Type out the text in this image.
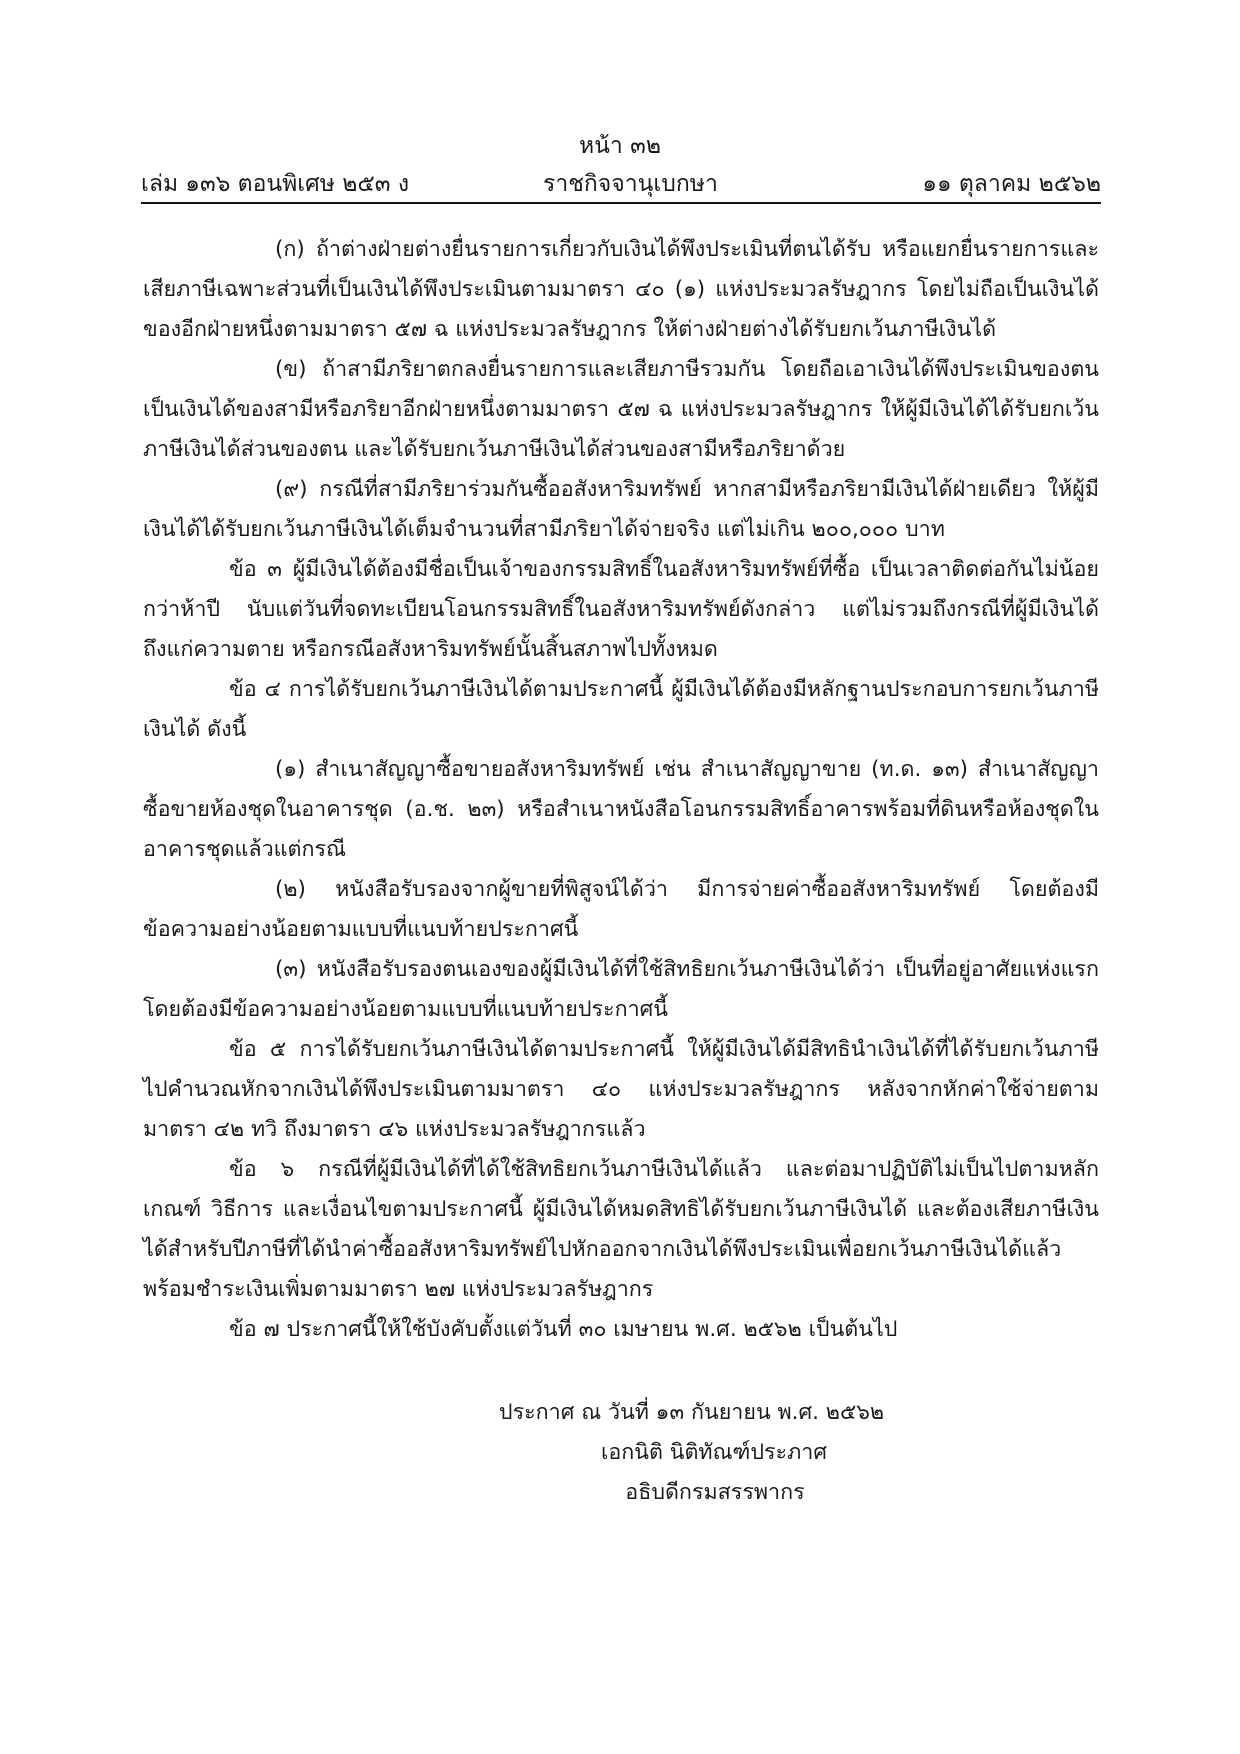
หน้า ๓๒
เล่ม ๑๓๖ ตอนพิเศษ ๒๕๓ ง	ราชกิจจานุเบกษา	๑๑ ตุลาคม ๒๕๖๒

(ก) ถ้าต่างฝ่ายต่างยื่นรายการเกี่ยวกับเงินได้พึงประเมินที่ตนได้รับ หรือแยกยื่นรายการและเสียภาษีเฉพาะส่วนที่เป็นเงินได้พึงประเมินตามมาตรา ๔๐ (๑) แห่งประมวลรัษฎากร โดยไม่ถือเป็นเงินได้ของอีกฝ่ายหนึ่งตามมาตรา ๕๗ ฉ แห่งประมวลรัษฎากร ให้ต่างฝ่ายต่างได้รับยกเว้นภาษีเงินได้

(ข) ถ้าสามีภริยาตกลงยื่นรายการและเสียภาษีรวมกัน โดยถือเอาเงินได้พึงประเมินของตนเป็นเงินได้ของสามีหรือภริยาอีกฝ่ายหนึ่งตามมาตรา ๕๗ ฉ แห่งประมวลรัษฎากร ให้ผู้มีเงินได้ได้รับยกเว้นภาษีเงินได้ส่วนของตน และได้รับยกเว้นภาษีเงินได้ส่วนของสามีหรือภริยาด้วย

(๙) กรณีที่สามีภริยาร่วมกันซื้ออสังหาริมทรัพย์ หากสามีหรือภริยามีเงินได้ฝ่ายเดียว ให้ผู้มีเงินได้ได้รับยกเว้นภาษีเงินได้เต็มจำนวนที่สามีภริยาได้จ่ายจริง แต่ไม่เกิน ๒๐๐,๐๐๐ บาท

ข้อ ๓ ผู้มีเงินได้ต้องมีชื่อเป็นเจ้าของกรรมสิทธิ์ในอสังหาริมทรัพย์ที่ซื้อ เป็นเวลาติดต่อกันไม่น้อยกว่าห้าปี นับแต่วันที่จดทะเบียนโอนกรรมสิทธิ์ในอสังหาริมทรัพย์ดังกล่าว แต่ไม่รวมถึงกรณีที่ผู้มีเงินได้ถึงแก่ความตาย หรือกรณีอสังหาริมทรัพย์นั้นสิ้นสภาพไปทั้งหมด

ข้อ ๔ การได้รับยกเว้นภาษีเงินได้ตามประกาศนี้ ผู้มีเงินได้ต้องมีหลักฐานประกอบการยกเว้นภาษีเงินได้ ดังนี้

(๑) สำเนาสัญญาซื้อขายอสังหาริมทรัพย์ เช่น สำเนาสัญญาขาย (ท.ด. ๑๓) สำเนาสัญญาซื้อขายห้องชุดในอาคารชุด (อ.ช. ๒๓) หรือสำเนาหนังสือโอนกรรมสิทธิ์อาคารพร้อมที่ดินหรือห้องชุดในอาคารชุดแล้วแต่กรณี

(๒) หนังสือรับรองจากผู้ขายที่พิสูจน์ได้ว่า มีการจ่ายค่าซื้ออสังหาริมทรัพย์ โดยต้องมีข้อความอย่างน้อยตามแบบที่แนบท้ายประกาศนี้

(๓) หนังสือรับรองตนเองของผู้มีเงินได้ที่ใช้สิทธิยกเว้นภาษีเงินได้ว่า เป็นที่อยู่อาศัยแห่งแรกโดยต้องมีข้อความอย่างน้อยตามแบบที่แนบท้ายประกาศนี้

ข้อ ๕ การได้รับยกเว้นภาษีเงินได้ตามประกาศนี้ ให้ผู้มีเงินได้มีสิทธินำเงินได้ที่ได้รับยกเว้นภาษีไปคำนวณหักจากเงินได้พึงประเมินตามมาตรา ๔๐ แห่งประมวลรัษฎากร หลังจากหักค่าใช้จ่ายตามมาตรา ๔๒ ทวิ ถึงมาตรา ๔๖ แห่งประมวลรัษฎากรแล้ว

ข้อ ๖ กรณีที่ผู้มีเงินได้ที่ได้ใช้สิทธิยกเว้นภาษีเงินได้แล้ว และต่อมาปฏิบัติไม่เป็นไปตามหลักเกณฑ์ วิธีการ และเงื่อนไขตามประกาศนี้ ผู้มีเงินได้หมดสิทธิได้รับยกเว้นภาษีเงินได้ และต้องเสียภาษีเงินได้สำหรับปีภาษีที่ได้นำค่าซื้ออสังหาริมทรัพย์ไปหักออกจากเงินได้พึงประเมินเพื่อยกเว้นภาษีเงินได้แล้ว พร้อมชำระเงินเพิ่มตามมาตรา ๒๗ แห่งประมวลรัษฎากร

ข้อ ๗ ประกาศนี้ให้ใช้บังคับตั้งแต่วันที่ ๓๐ เมษายน พ.ศ. ๒๕๖๒ เป็นต้นไป

ประกาศ ณ วันที่ ๑๓ กันยายน พ.ศ. ๒๕๖๒
เอกนิติ นิติทัณฑ์ประภาศ
อธิบดีกรมสรรพากร
